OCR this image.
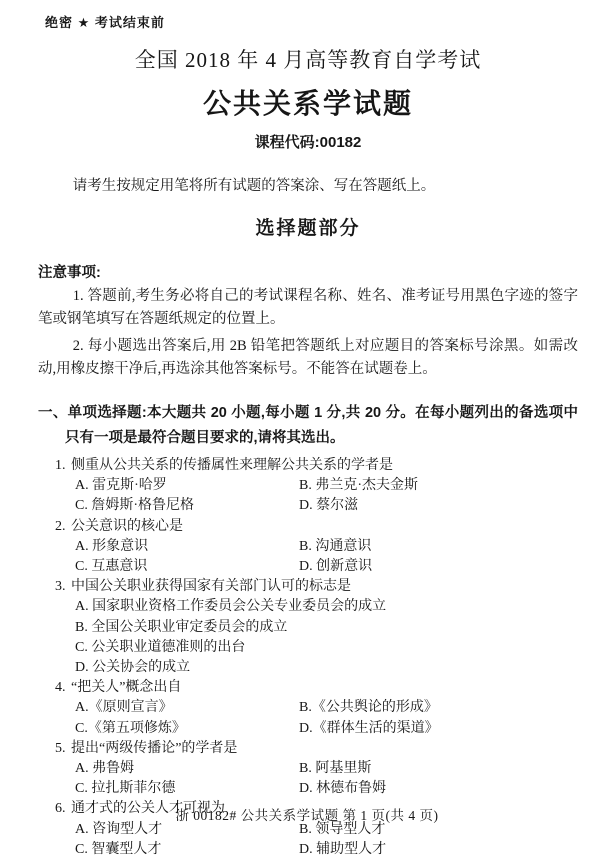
绝密 ★ 考试结束前
全国 2018 年 4 月高等教育自学考试
公共关系学试题
课程代码:00182

请考生按规定用笔将所有试题的答案涂、写在答题纸上。

选择题部分
注意事项:

1. 答题前,考生务必将自己的考试课程名称、姓名、准考证号用黑色字迹的签字笔或钢笔填写在答题纸规定的位置上。

2. 每小题选出答案后,用 2B 铅笔把答题纸上对应题目的答案标号涂黑。如需改动,用橡皮擦干净后,再选涂其他答案标号。不能答在试题卷上。

一、单项选择题:本大题共 20 小题,每小题 1 分,共 20 分。在每小题列出的备选项中只有一项是最符合题目要求的,请将其选出。
1. 侧重从公共关系的传播属性来理解公共关系的学者是
A. 雷克斯·哈罗	B. 弗兰克·杰夫金斯
C. 詹姆斯·格鲁尼格	D. 蔡尔滋
2. 公关意识的核心是
A. 形象意识	B. 沟通意识
C. 互惠意识	D. 创新意识
3. 中国公关职业获得国家有关部门认可的标志是
A. 国家职业资格工作委员会公关专业委员会的成立
B. 全国公关职业审定委员会的成立
C. 公关职业道德准则的出台
D. 公关协会的成立
4. “把关人”概念出自
A.《原则宣言》	B.《公共舆论的形成》
C.《第五项修炼》	D.《群体生活的渠道》
5. 提出“两级传播论”的学者是
A. 弗鲁姆	B. 阿基里斯
C. 拉扎斯菲尔德	D. 林德布鲁姆
6. 通才式的公关人才可视为
A. 咨询型人才	B. 领导型人才
C. 智囊型人才	D. 辅助型人才
浙 00182# 公共关系学试题 第 1 页(共 4 页)
